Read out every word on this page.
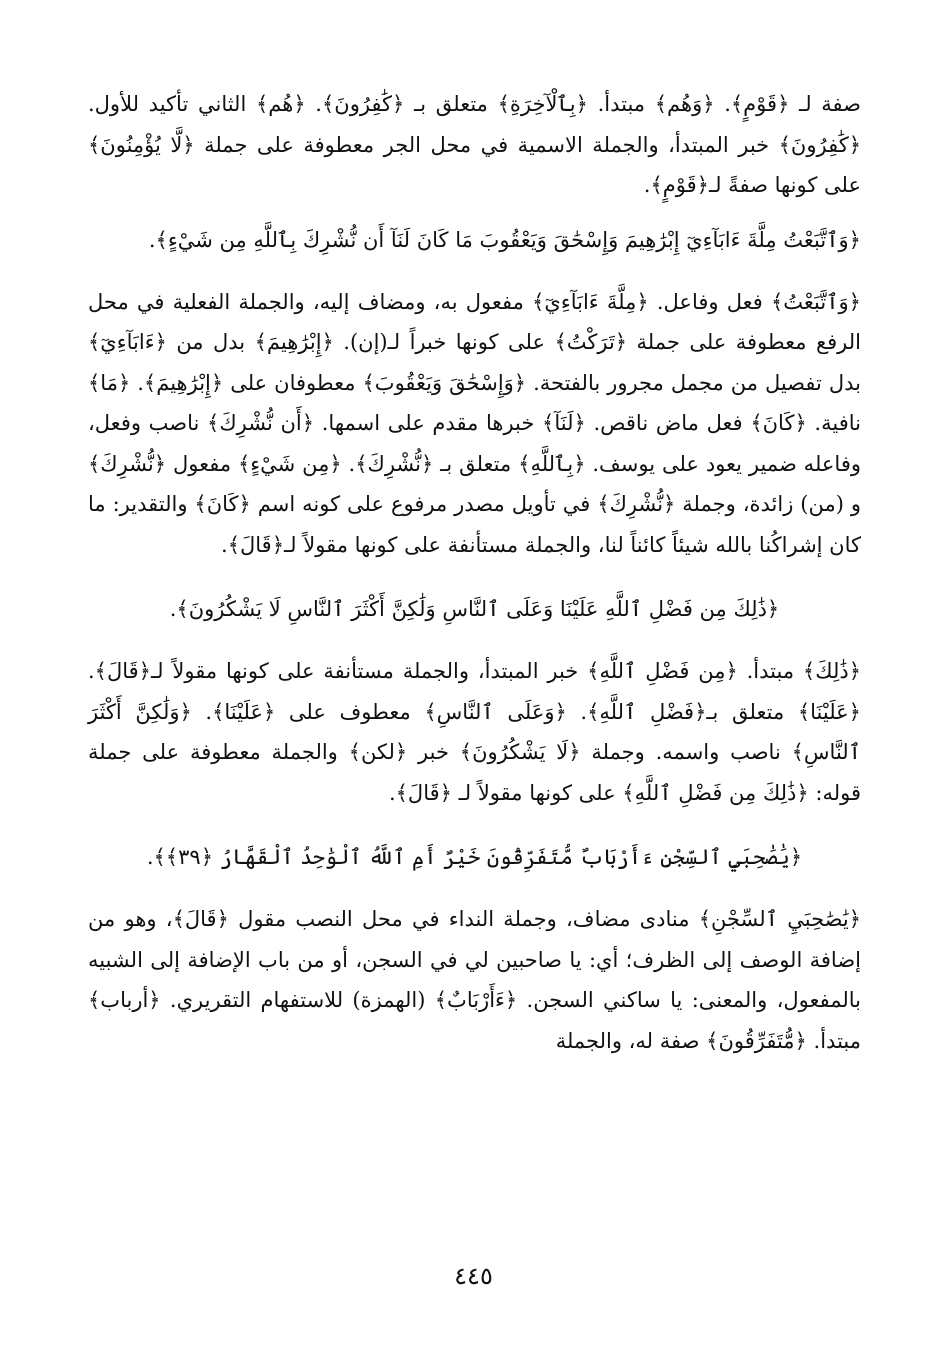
صفة لـ ﴿قَوْمٍ﴾. ﴿وَهُم﴾ مبتدأ. ﴿بِٱلْآخِرَةِ﴾ متعلق بـ ﴿كَٰفِرُونَ﴾. ﴿هُم﴾ الثاني تأكيد للأول. ﴿كَٰفِرُونَ﴾ خبر المبتدأ، والجملة الاسمية في محل الجر معطوفة على جملة ﴿لَّا يُؤْمِنُونَ﴾ على كونها صفةً لـ﴿قَوْمٍ﴾.

﴿وَٱتَّبَعْتُ مِلَّةَ ءَابَآءِيٓ إِبْرَٰهِيمَ وَإِسْحَٰقَ وَيَعْقُوبَ مَا كَانَ لَنَآ أَن نُّشْرِكَ بِٱللَّهِ مِن شَيْءٍ﴾.

﴿وَٱتَّبَعْتُ﴾ فعل وفاعل. ﴿مِلَّةَ ءَابَآءِيٓ﴾ مفعول به، ومضاف إليه، والجملة الفعلية في محل الرفع معطوفة على جملة ﴿تَرَكْتُ﴾ على كونها خبراً لـ(إن). ﴿إِبْرَٰهِيمَ﴾ بدل من ﴿ءَابَآءِيٓ﴾ بدل تفصيل من مجمل مجرور بالفتحة. ﴿وَإِسْحَٰقَ وَيَعْقُوبَ﴾ معطوفان على ﴿إِبْرَٰهِيمَ﴾. ﴿مَا﴾ نافية. ﴿كَانَ﴾ فعل ماض ناقص. ﴿لَنَآ﴾ خبرها مقدم على اسمها. ﴿أَن نُّشْرِكَ﴾ ناصب وفعل، وفاعله ضمير يعود على يوسف. ﴿بِٱللَّهِ﴾ متعلق بـ ﴿نُّشْرِكَ﴾. ﴿مِن شَيْءٍ﴾ مفعول ﴿نُّشْرِكَ﴾ و (من) زائدة، وجملة ﴿نُّشْرِكَ﴾ في تأويل مصدر مرفوع على كونه اسم ﴿كَانَ﴾ والتقدير: ما كان إشراكُنا بالله شيئاً كائناً لنا، والجملة مستأنفة على كونها مقولاً لـ﴿قَالَ﴾.

﴿ذَٰلِكَ مِن فَضْلِ ٱللَّهِ عَلَيْنَا وَعَلَى ٱلنَّاسِ وَلَٰكِنَّ أَكْثَرَ ٱلنَّاسِ لَا يَشْكُرُونَ﴾.

﴿ذَٰلِكَ﴾ مبتدأ. ﴿مِن فَضْلِ ٱللَّهِ﴾ خبر المبتدأ، والجملة مستأنفة على كونها مقولاً لـ﴿قَالَ﴾. ﴿عَلَيْنَا﴾ متعلق بـ﴿فَضْلِ ٱللَّهِ﴾. ﴿وَعَلَى ٱلنَّاسِ﴾ معطوف على ﴿عَلَيْنَا﴾. ﴿وَلَٰكِنَّ أَكْثَرَ ٱلنَّاسِ﴾ ناصب واسمه. وجملة ﴿لَا يَشْكُرُونَ﴾ خبر ﴿لكن﴾ والجملة معطوفة على جملة قوله: ﴿ذَٰلِكَ مِن فَضْلِ ٱللَّهِ﴾ على كونها مقولاً لـ ﴿قَالَ﴾.

﴿يَٰصَٰحِبَيِ ٱلسِّجْنِ ءَأَرْبَابٌ مُّتَفَرِّقُونَ خَيْرٌ أَمِ ٱللَّهُ ٱلْوَٰحِدُ ٱلْقَهَّارُ ﴿٣٩﴾﴾.

﴿يَٰصَٰحِبَيِ ٱلسِّجْنِ﴾ منادى مضاف، وجملة النداء في محل النصب مقول ﴿قَالَ﴾، وهو من إضافة الوصف إلى الظرف؛ أي: يا صاحبين لي في السجن، أو من باب الإضافة إلى الشبيه بالمفعول، والمعنى: يا ساكني السجن. ﴿ءَأَرْبَابٌ﴾ (الهمزة) للاستفهام التقريري. ﴿أرباب﴾ مبتدأ. ﴿مُّتَفَرِّقُونَ﴾ صفة له، والجملة

٤٤٥
